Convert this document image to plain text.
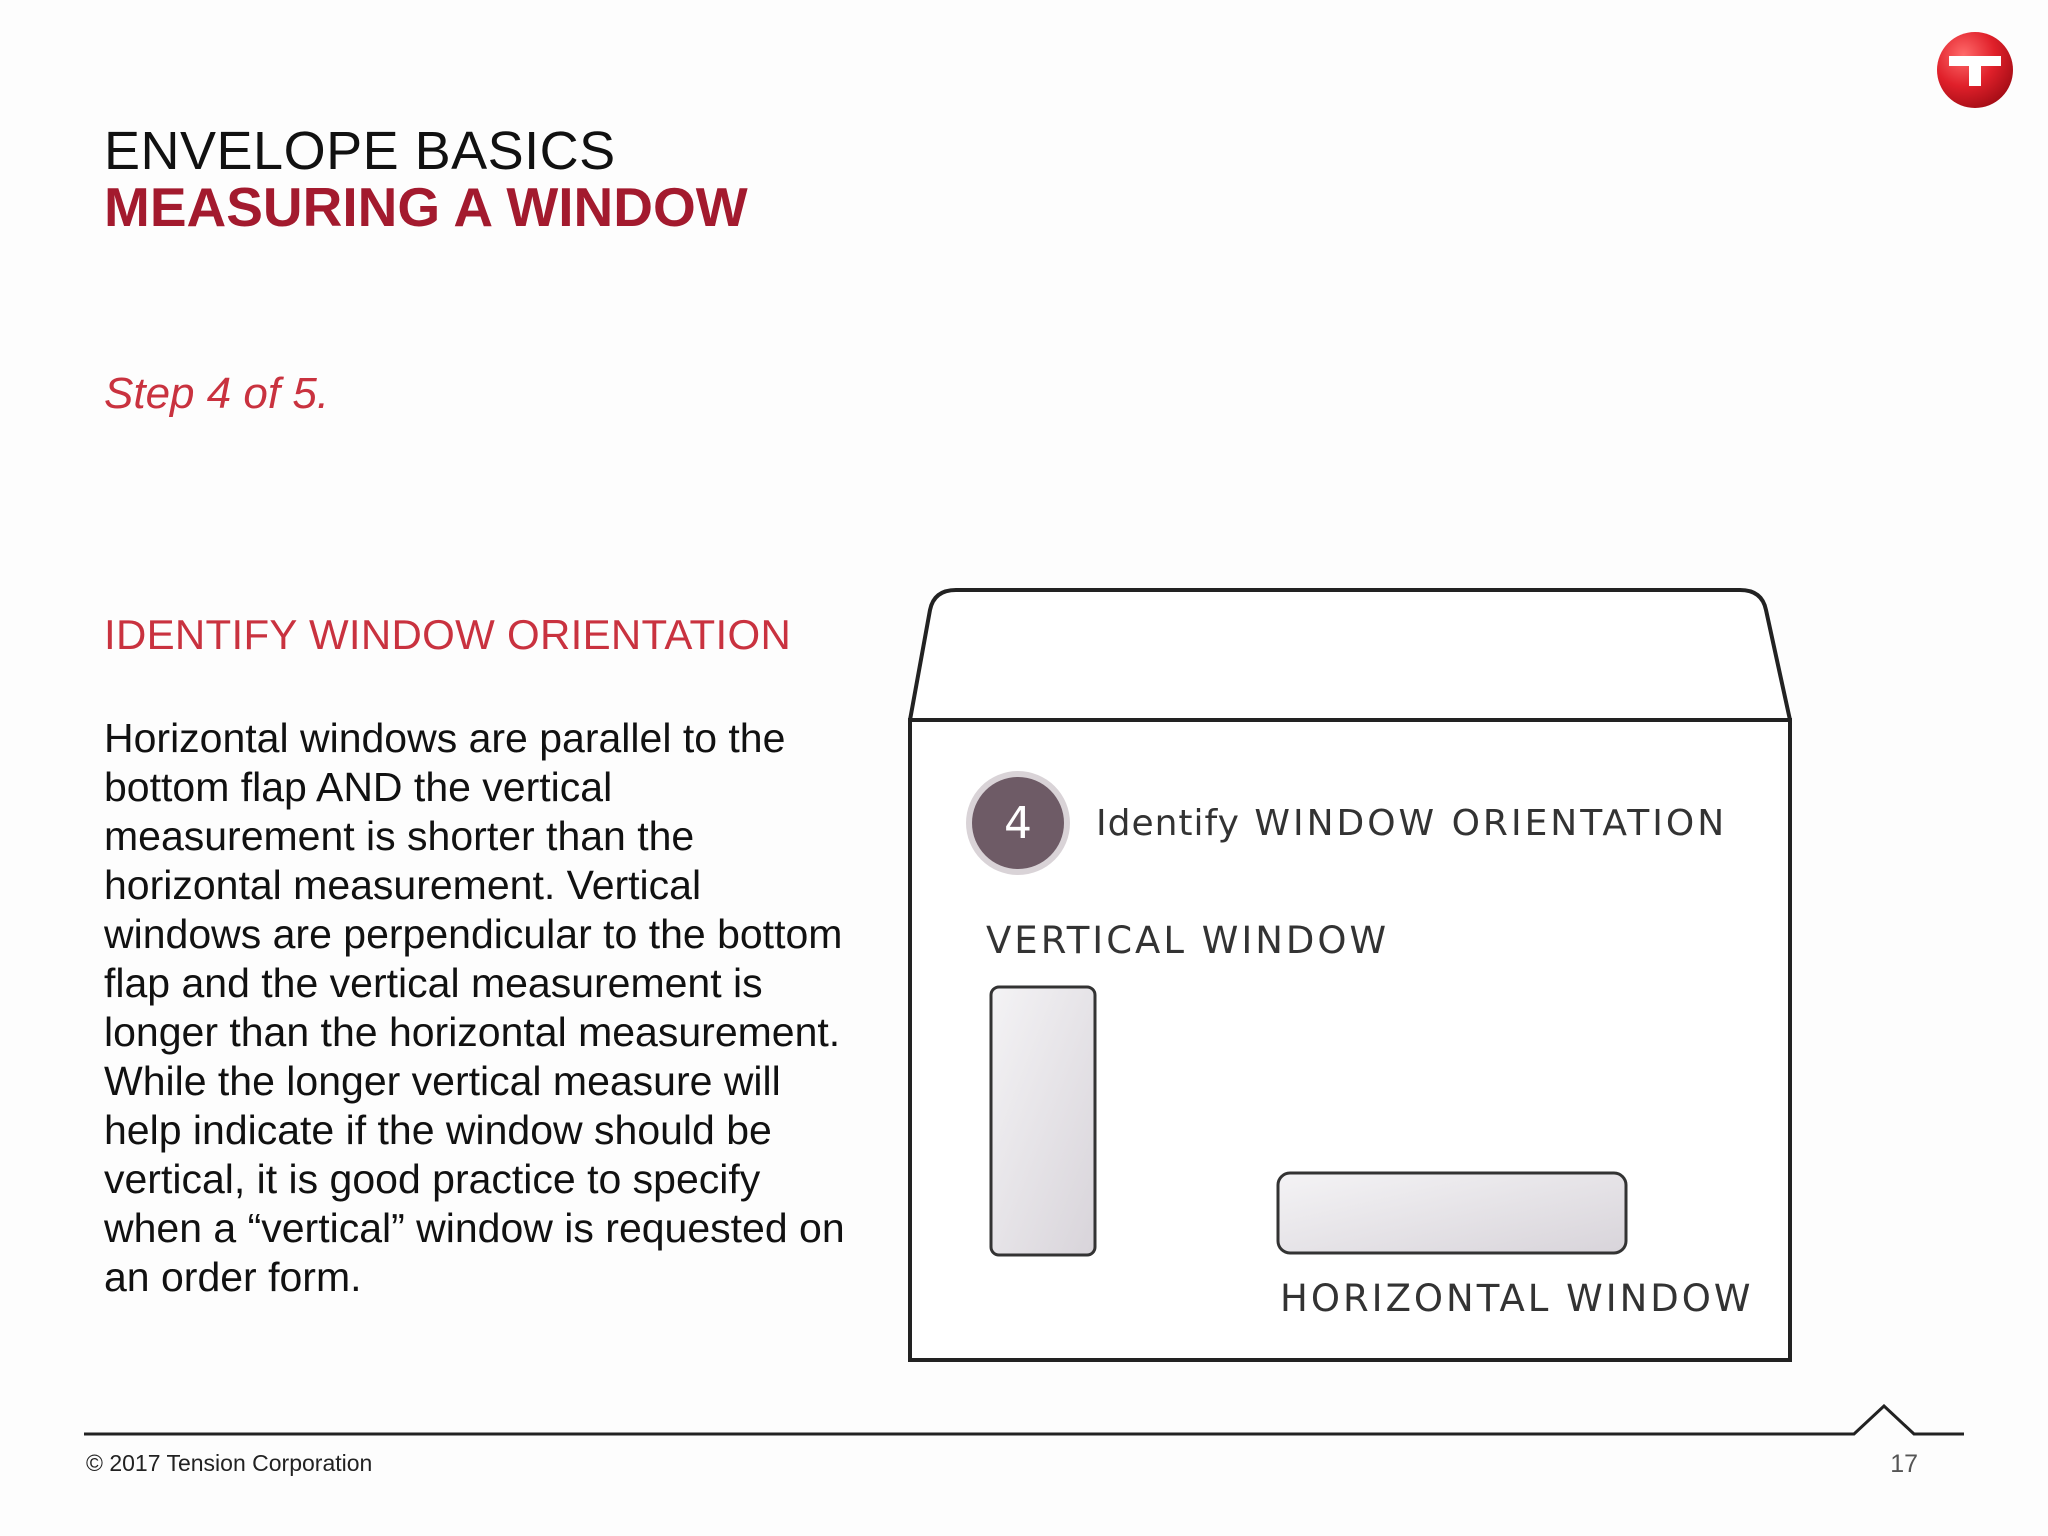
ENVELOPE BASICS
MEASURING A WINDOW
Step 4 of 5.
IDENTIFY WINDOW ORIENTATION
Horizontal windows are parallel to the bottom flap AND the vertical measurement is shorter than the horizontal measurement. Vertical windows are perpendicular to the bottom flap and the vertical measurement is longer than the horizontal measurement. While the longer vertical measure will help indicate if the window should be vertical, it is good practice to specify when a “vertical” window is requested on an order form.
4	Identify WINDOW ORIENTATION
VERTICAL WINDOW
HORIZONTAL WINDOW
© 2017 Tension Corporation	17
